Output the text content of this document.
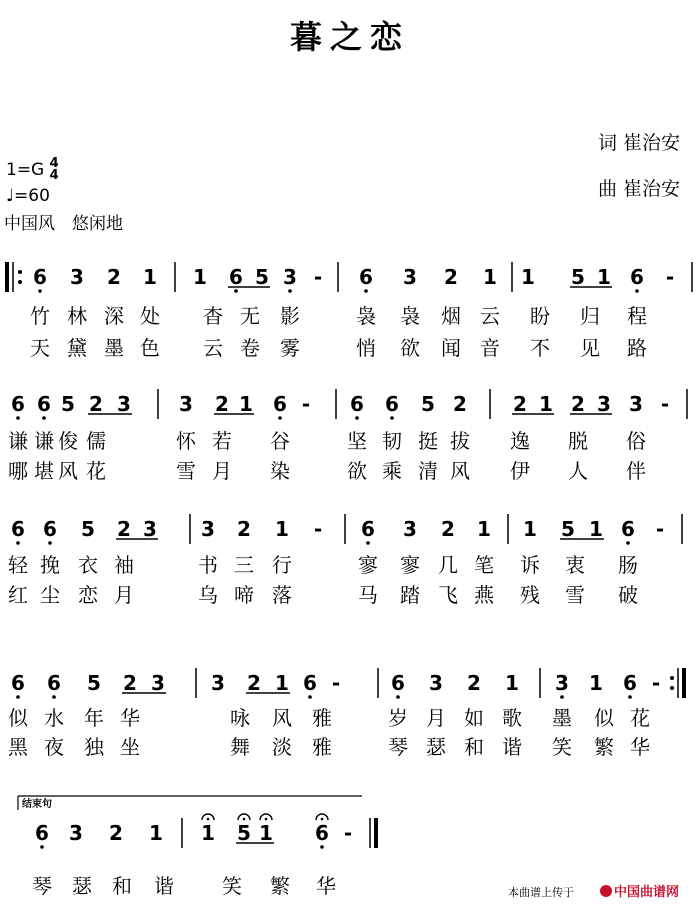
暮之恋
1=G 4
4
♩=60
中国风　悠闲地
词 崔治安
曲 崔治安
6 3 2 1 1 6 5 3 - 6 3 2 1 1 5 1 6 -
竹 林 深 处 杳 无 影	袅 袅 烟 云 盼 归 程
天 黛 墨 色 云 卷 雾	悄 欲 闻 音 不 见 路
6 6 5 2 3 3 2 1 6 - 6 6 5 2 2 1 2 3 3 -
谦 谦 俊 儒	怀 若 谷	坚 韧 挺 拔 逸 脱 俗
哪 堪 风 花	雪 月 染	欲 乘 清 风 伊 人 伴
6 6 5 2 3 3 2 1 - 6 3 2 1 1 5 1 6 -
轻 挽 衣 袖	书 三 行	寥 寥 几 笔 诉 衷 肠
红 尘 恋 月	乌 啼 落	马 踏 飞 燕 残 雪 破
6 6 5 2 3 3 2 1 6 -	6 3 2 1 3 1 6 -
似 水 年 华	咏 风 雅	岁 月 如 歌 墨 似 花
黑 夜 独 坐	舞 淡 雅	琴 瑟 和 谐 笑 繁 华
6 3 2 1 1 5 1 6 -
琴 瑟 和 谐 笑 繁 华
结束句
本曲谱上传于	中国曲谱网
